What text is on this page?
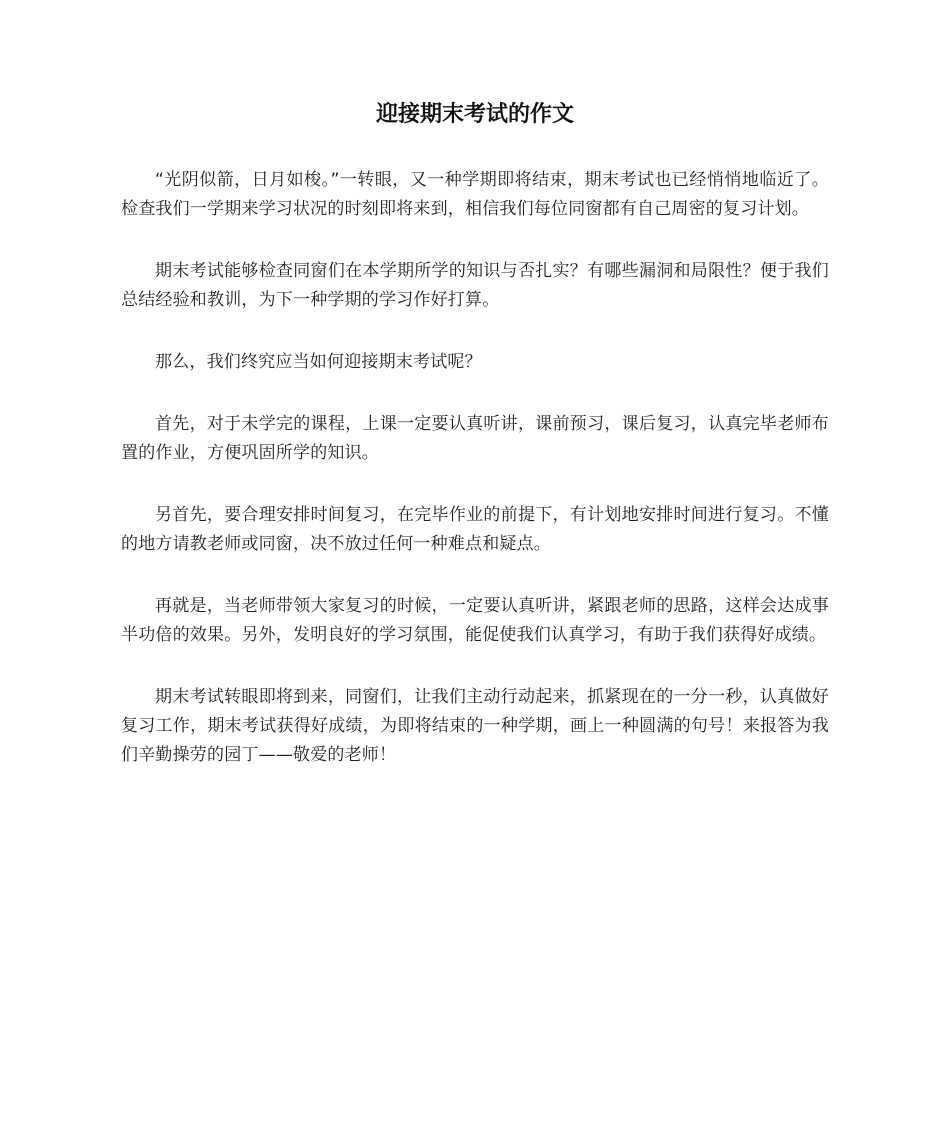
迎接期末考试的作文

“光阴似箭，日月如梭。”一转眼，又一种学期即将结束，期末考试也已经悄悄地临近了。检查我们一学期来学习状况的时刻即将来到，相信我们每位同窗都有自己周密的复习计划。

期末考试能够检查同窗们在本学期所学的知识与否扎实？有哪些漏洞和局限性？便于我们总结经验和教训，为下一种学期的学习作好打算。

那么，我们终究应当如何迎接期末考试呢？

首先，对于未学完的课程，上课一定要认真听讲，课前预习，课后复习，认真完毕老师布置的作业，方便巩固所学的知识。

另首先，要合理安排时间复习，在完毕作业的前提下，有计划地安排时间进行复习。不懂的地方请教老师或同窗，决不放过任何一种难点和疑点。

再就是，当老师带领大家复习的时候，一定要认真听讲，紧跟老师的思路，这样会达成事半功倍的效果。另外，发明良好的学习氛围，能促使我们认真学习，有助于我们获得好成绩。

期末考试转眼即将到来，同窗们，让我们主动行动起来，抓紧现在的一分一秒，认真做好复习工作，期末考试获得好成绩，为即将结束的一种学期，画上一种圆满的句号！来报答为我们辛勤操劳的园丁——敬爱的老师！
